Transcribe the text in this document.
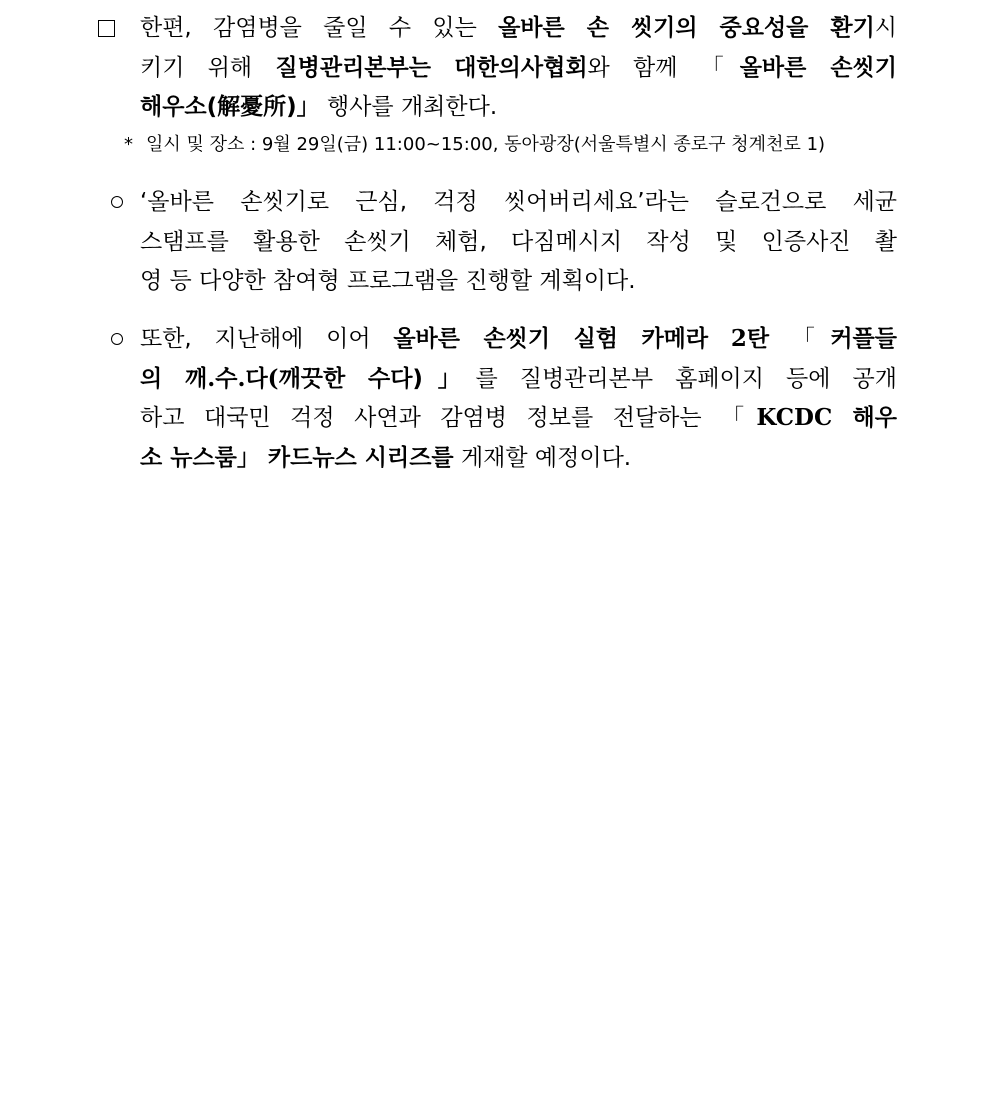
한편, 감염병을 줄일 수 있는 올바른 손 씻기의 중요성을 환기시
키기 위해 질병관리본부는 대한의사협회와 함께 「올바른 손씻기
해우소(解憂所)」 행사를 개최한다.
* 일시 및 장소 : 9월 29일(금) 11:00~15:00, 동아광장(서울특별시 종로구 청계천로 1)
‘올바른 손씻기로 근심, 걱정 씻어버리세요’라는 슬로건으로 세균
스탬프를 활용한 손씻기 체험, 다짐메시지 작성 및 인증사진 촬
영 등 다양한 참여형 프로그램을 진행할 계획이다.
또한, 지난해에 이어 올바른 손씻기 실험 카메라 2탄 「커플들
의 깨.수.다(깨끗한 수다)」를 질병관리본부 홈페이지 등에 공개
하고 대국민 걱정 사연과 감염병 정보를 전달하는 「KCDC 해우
소 뉴스룸」 카드뉴스 시리즈를 게재할 예정이다.
